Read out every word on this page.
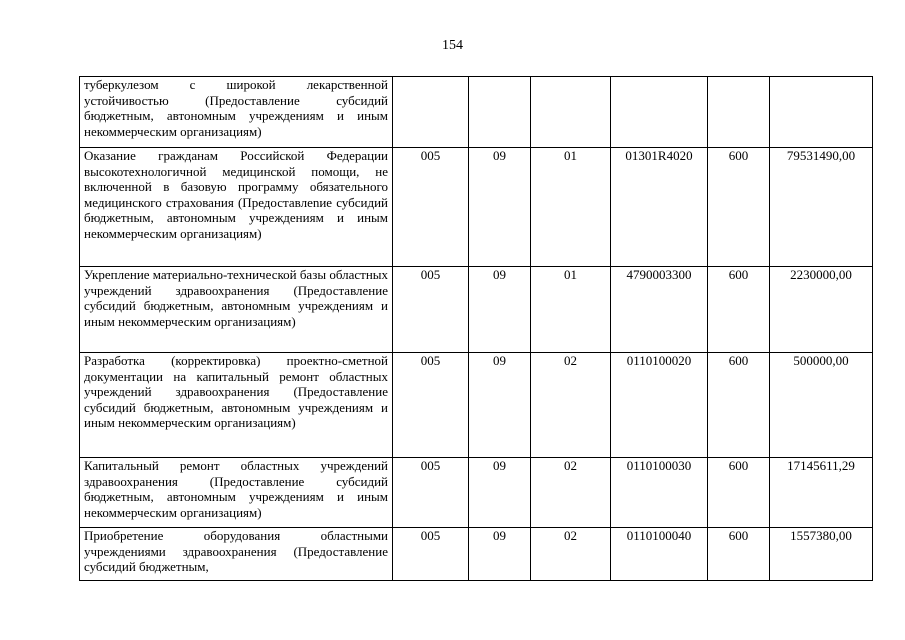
154
туберкулезом с широкой лекарственной устойчивостью (Предоставление субсидий бюджетным, автономным учреждениям и иным некоммерческим организациям)						
Оказание гражданам Российской Федерации высокотехнологичной медицинской помощи, не включенной в базовую программу обязательного медицинского страхования (Предоставлеnие субсидий бюджетным, автономным учреждениям и иным некоммерческим организациям)	005	09	01	01301R4020	600	79531490,00
Укрепление материально-технической базы областных учреждений здравоохранения (Предоставление субсидий бюджетным, автономным учреждениям и иным некоммерческим организациям)	005	09	01	4790003300	600	2230000,00
Разработка (корректировка) проектно-сметной документации на капитальный ремонт областных учреждений здравоохранения (Предоставление субсидий бюджетным, автономным учреждениям и иным некоммерческим организациям)	005	09	02	0110100020	600	500000,00
Капитальный ремонт областных учреждений здравоохранения (Предоставление субсидий бюджетным, автономным учреждениям и иным некоммерческим организациям)	005	09	02	0110100030	600	17145611,29
Приобретение оборудования областными учреждениями здравоохранения (Предоставление субсидий бюджетным,	005	09	02	0110100040	600	1557380,00
